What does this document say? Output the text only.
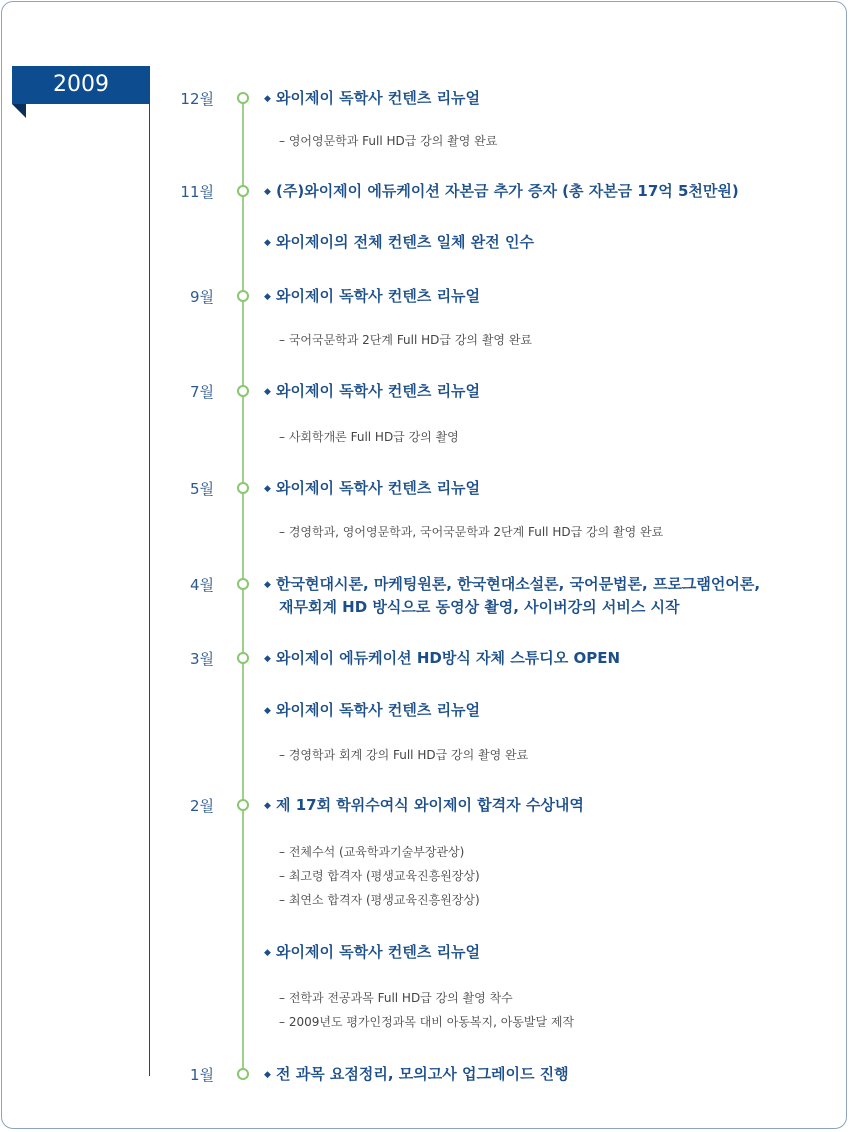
2009
12월	◆ 와이제이 독학사 컨텐츠 리뉴얼
– 영어영문학과 Full HD급 강의 촬영 완료
11월	◆ (주)와이제이 에듀케이션 자본금 추가 증자 (총 자본금 17억 5천만원)
◆ 와이제이의 전체 컨텐츠 일체 완전 인수
9월	◆ 와이제이 독학사 컨텐츠 리뉴얼
– 국어국문학과 2단계 Full HD급 강의 촬영 완료
7월	◆ 와이제이 독학사 컨텐츠 리뉴얼
– 사회학개론 Full HD급 강의 촬영
5월	◆ 와이제이 독학사 컨텐츠 리뉴얼
– 경영학과, 영어영문학과, 국어국문학과 2단계 Full HD급 강의 촬영 완료
4월	◆ 한국현대시론, 마케팅원론, 한국현대소설론, 국어문법론, 프로그램언어론,
재무회계 HD 방식으로 동영상 촬영, 사이버강의 서비스 시작
3월	◆ 와이제이 에듀케이션 HD방식 자체 스튜디오 OPEN
◆ 와이제이 독학사 컨텐츠 리뉴얼
– 경영학과 회계 강의 Full HD급 강의 촬영 완료
2월	◆ 제 17회 학위수여식 와이제이 합격자 수상내역
– 전체수석 (교육학과기술부장관상)
– 최고령 합격자 (평생교육진흥원장상)
– 최연소 합격자 (평생교육진흥원장상)
◆ 와이제이 독학사 컨텐츠 리뉴얼
– 전학과 전공과목 Full HD급 강의 촬영 착수
– 2009년도 평가인정과목 대비 아동복지, 아동발달 제작
1월	◆ 전 과목 요점정리, 모의고사 업그레이드 진행
